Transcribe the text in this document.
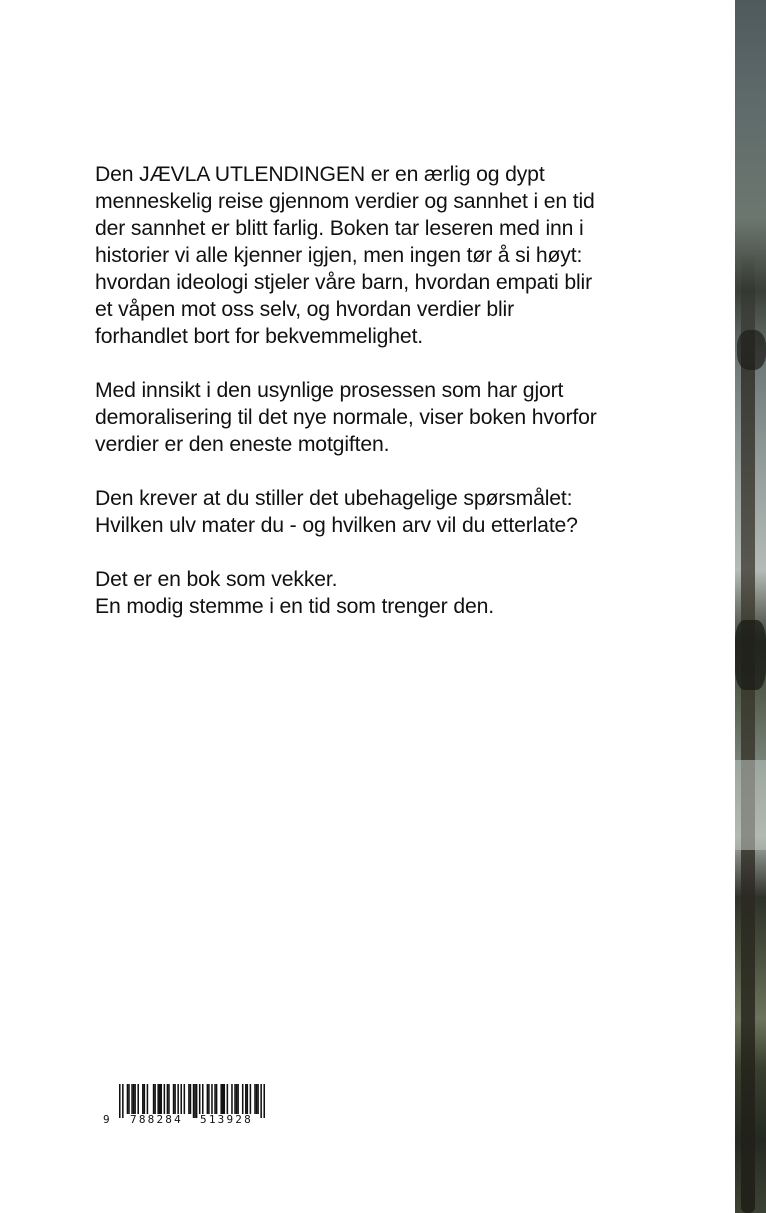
Den JÆVLA UTLENDINGEN er en ærlig og dypt
menneskelig reise gjennom verdier og sannhet i en tid
der sannhet er blitt farlig. Boken tar leseren med inn i
historier vi alle kjenner igjen, men ingen tør å si høyt:
hvordan ideologi stjeler våre barn, hvordan empati blir
et våpen mot oss selv, og hvordan verdier blir
forhandlet bort for bekvemmelighet.

Med innsikt i den usynlige prosessen som har gjort
demoralisering til det nye normale, viser boken hvorfor
verdier er den eneste motgiften.

Den krever at du stiller det ubehagelige spørsmålet:
Hvilken ulv mater du - og hvilken arv vil du etterlate?

Det er en bok som vekker.
En modig stemme i en tid som trenger den.

9 788284 513928
